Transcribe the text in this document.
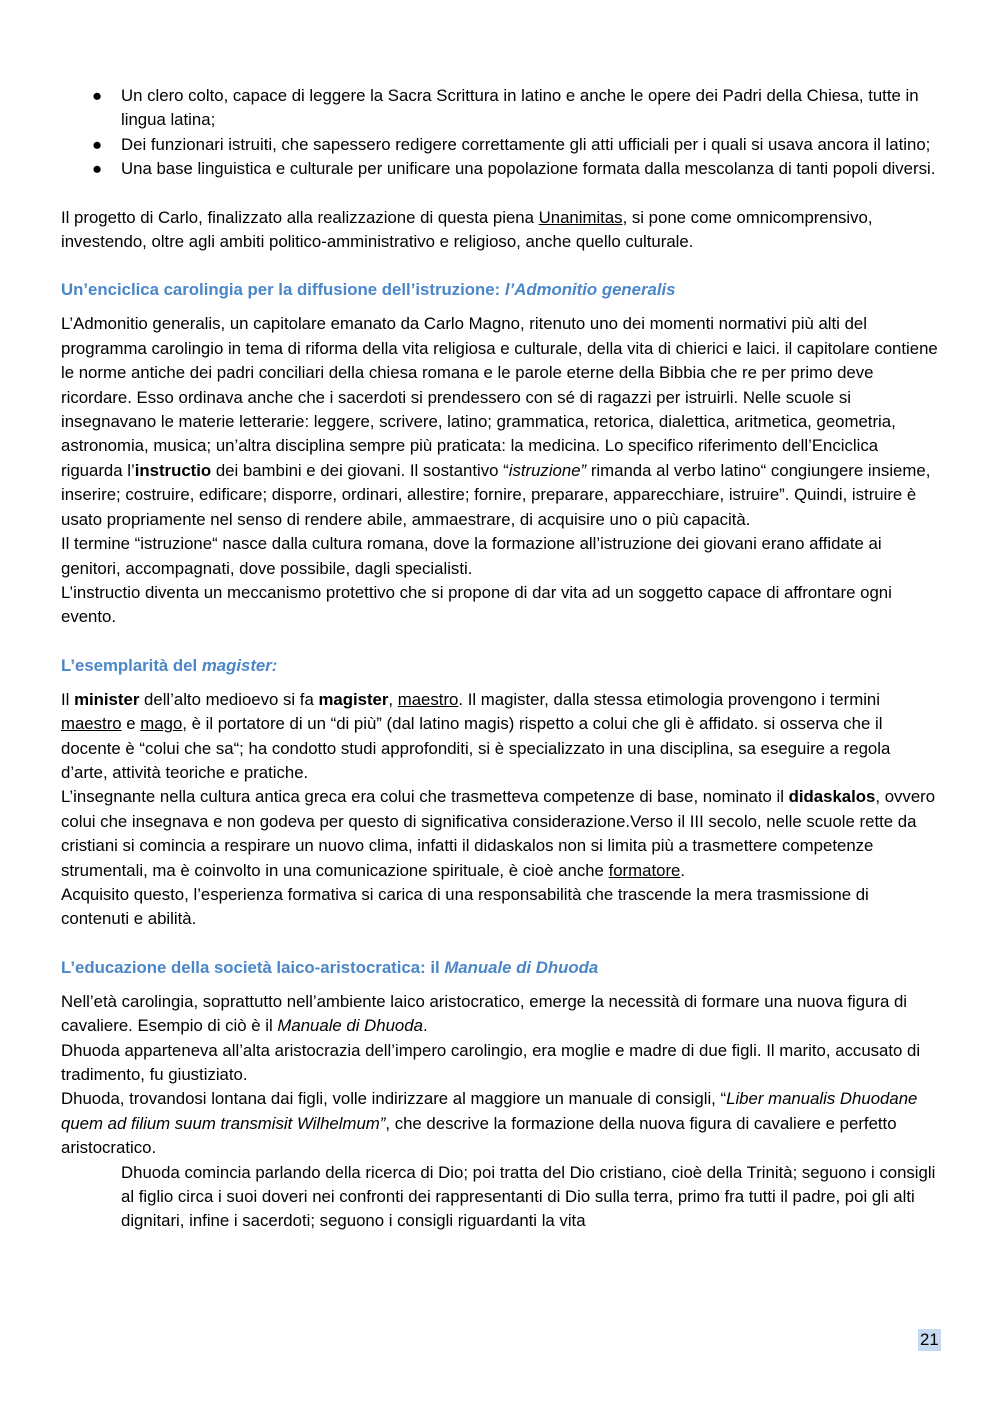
● Un clero colto, capace di leggere la Sacra Scrittura in latino e anche le opere dei Padri della Chiesa, tutte in lingua latina;
● Dei funzionari istruiti, che sapessero redigere correttamente gli atti ufficiali per i quali si usava ancora il latino;
● Una base linguistica e culturale per unificare una popolazione formata dalla mescolanza di tanti popoli diversi.

Il progetto di Carlo, finalizzato alla realizzazione di questa piena Unanimitas, si pone come omnicomprensivo, investendo, oltre agli ambiti politico-amministrativo e religioso, anche quello culturale.

Un’enciclica carolingia per la diffusione dell’istruzione: l’Admonitio generalis

L’Admonitio generalis, un capitolare emanato da Carlo Magno, ritenuto uno dei momenti normativi più alti del programma carolingio in tema di riforma della vita religiosa e culturale, della vita di chierici e laici. il capitolare contiene le norme antiche dei padri conciliari della chiesa romana e le parole eterne della Bibbia che re per primo deve ricordare. Esso ordinava anche che i sacerdoti si prendessero con sé di ragazzi per istruirli. Nelle scuole si insegnavano le materie letterarie: leggere, scrivere, latino; grammatica, retorica, dialettica, aritmetica, geometria, astronomia, musica; un’altra disciplina sempre più praticata: la medicina. Lo specifico riferimento dell’Enciclica riguarda l’instructio dei bambini e dei giovani. Il sostantivo “istruzione” rimanda al verbo latino“ congiungere insieme, inserire; costruire, edificare; disporre, ordinari, allestire; fornire, preparare, apparecchiare, istruire”. Quindi, istruire è usato propriamente nel senso di rendere abile, ammaestrare, di acquisire uno o più capacità.

Il termine “istruzione“ nasce dalla cultura romana, dove la formazione all’istruzione dei giovani erano affidate ai genitori, accompagnati, dove possibile, dagli specialisti.

L’instructio diventa un meccanismo protettivo che si propone di dar vita ad un soggetto capace di affrontare ogni evento.

L’esemplarità del magister:

Il minister dell’alto medioevo si fa magister, maestro. Il magister, dalla stessa etimologia provengono i termini maestro e mago, è il portatore di un “di più” (dal latino magis) rispetto a colui che gli è affidato. si osserva che il docente è “colui che sa“; ha condotto studi approfonditi, si è specializzato in una disciplina, sa eseguire a regola d’arte, attività teoriche e pratiche.

L’insegnante nella cultura antica greca era colui che trasmetteva competenze di base, nominato il didaskalos, ovvero colui che insegnava e non godeva per questo di significativa considerazione.Verso il III secolo, nelle scuole rette da cristiani si comincia a respirare un nuovo clima, infatti il didaskalos non si limita più a trasmettere competenze strumentali, ma è coinvolto in una comunicazione spirituale, è cioè anche formatore.

Acquisito questo, l’esperienza formativa si carica di una responsabilità che trascende la mera trasmissione di contenuti e abilità.

L’educazione della società laico-aristocratica: il Manuale di Dhuoda

Nell’età carolingia, soprattutto nell’ambiente laico aristocratico, emerge la necessità di formare una nuova figura di cavaliere. Esempio di ciò è il Manuale di Dhuoda.

Dhuoda apparteneva all’alta aristocrazia dell’impero carolingio, era moglie e madre di due figli. Il marito, accusato di tradimento, fu giustiziato.

Dhuoda, trovandosi lontana dai figli, volle indirizzare al maggiore un manuale di consigli, “Liber manualis Dhuodane quem ad filium suum transmisit Wilhelmum”, che descrive la formazione della nuova figura di cavaliere e perfetto aristocratico.

Dhuoda comincia parlando della ricerca di Dio; poi tratta del Dio cristiano, cioè della Trinità; seguono i consigli al figlio circa i suoi doveri nei confronti dei rappresentanti di Dio sulla terra, primo fra tutti il padre, poi gli alti dignitari, infine i sacerdoti; seguono i consigli riguardanti la vita

21
